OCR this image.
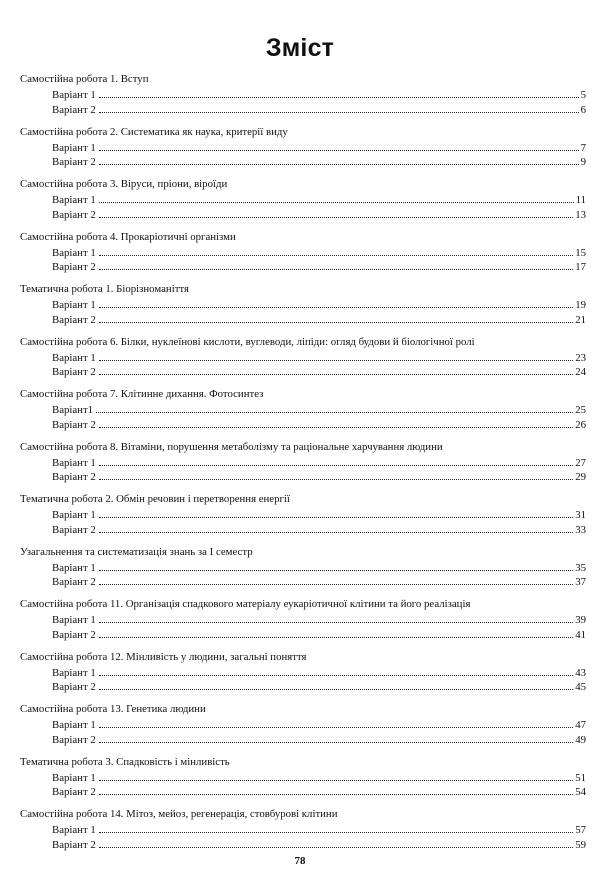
Зміст
Самостійна робота 1. Вступ
Варіант 1	5
Варіант 2	6
Самостійна робота 2. Систематика як наука, критерії виду
Варіант 1	7
Варіант 2	9
Самостійна робота 3. Віруси, пріони, віроїди
Варіант 1	11
Варіант 2	13
Самостійна робота 4. Прокаріотичні організми
Варіант 1	15
Варіант 2	17
Тематична робота 1. Біорізноманіття
Варіант 1	19
Варіант 2	21
Самостійна робота 6. Білки, нуклеїнові кислоти, вуглеводи, ліпіди: огляд будови й біологічної ролі
Варіант 1	23
Варіант 2	24
Самостійна робота 7. Клітинне дихання. Фотосинтез
Варіант1	25
Варіант 2	26
Самостійна робота 8. Вітаміни, порушення метаболізму та раціональне харчування людини
Варіант 1	27
Варіант 2	29
Тематична робота 2. Обмін речовин і перетворення енергії
Варіант 1	31
Варіант 2	33
Узагальнення та систематизація знань за I семестр
Варіант 1	35
Варіант 2	37
Самостійна робота 11. Організація спадкового матеріалу еукаріотичної клітини та його реалізація
Варіант 1	39
Варіант 2	41
Самостійна робота 12. Мінливість у людини, загальні поняття
Варіант 1	43
Варіант 2	45
Самостійна робота 13. Генетика людини
Варіант 1	47
Варіант 2	49
Тематична робота 3. Спадковість і мінливість
Варіант 1	51
Варіант 2	54
Самостійна робота 14. Мітоз, мейоз, регенерація, стовбурові клітини
Варіант 1	57
Варіант 2	59
78
